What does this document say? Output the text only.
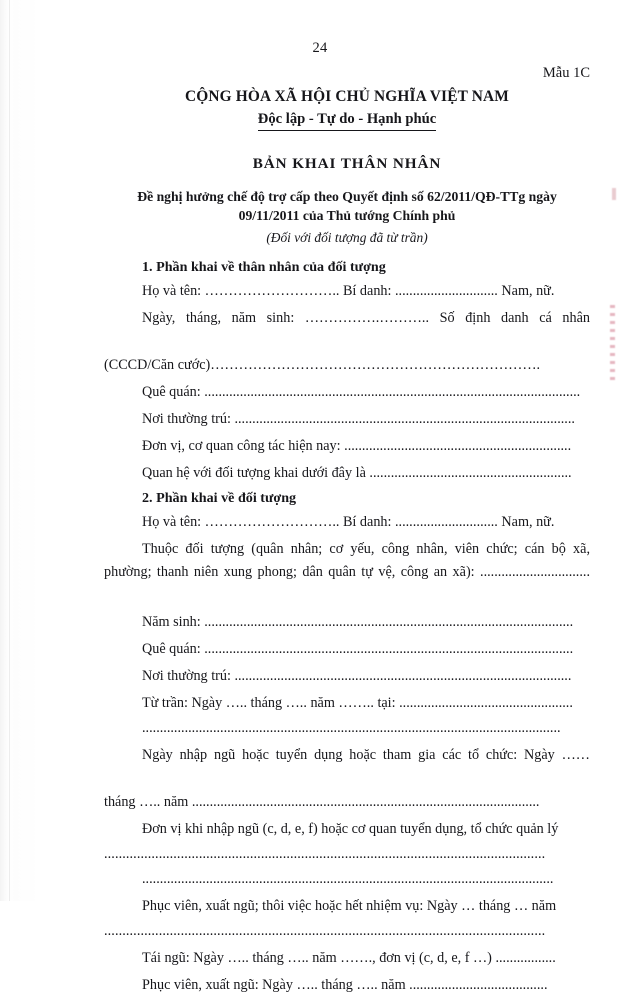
24
Mẫu 1C
CỘNG HÒA XÃ HỘI CHỦ NGHĨA VIỆT NAM
Độc lập - Tự do - Hạnh phúc
BẢN KHAI THÂN NHÂN
Đề nghị hưởng chế độ trợ cấp theo Quyết định số 62/2011/QĐ-TTg ngày
09/11/2011 của Thủ tướng Chính phủ
(Đối với đối tượng đã từ trần)
1. Phần khai về thân nhân của đối tượng
Họ và tên: ……………………….. Bí danh: ............................. Nam, nữ.
Ngày, tháng, năm sinh: …………….……….. Số định danh cá nhân
(CCCD/Căn cước)…………………………………………………………….
Quê quán: ..........................................................................................................
Nơi thường trú: ................................................................................................
Đơn vị, cơ quan công tác hiện nay: ................................................................
Quan hệ với đối tượng khai dưới đây là .........................................................
2. Phần khai về đối tượng
Họ và tên: ……………………….. Bí danh: ............................. Nam, nữ.
Thuộc đối tượng (quân nhân; cơ yếu, công nhân, viên chức; cán bộ xã, phường; thanh niên xung phong; dân quân tự vệ, công an xã): ...............................
Năm sinh: ........................................................................................................
Quê quán: ........................................................................................................
Nơi thường trú: ...............................................................................................
Từ trần: Ngày ….. tháng ….. năm …….. tại: .................................................
......................................................................................................................
Ngày nhập ngũ hoặc tuyển dụng hoặc tham gia các tổ chức: Ngày ……
tháng ….. năm ..................................................................................................
Đơn vị khi nhập ngũ (c, d, e, f) hoặc cơ quan tuyển dụng, tổ chức quản lý
.........................................................................................................................
....................................................................................................................
Phục viên, xuất ngũ; thôi việc hoặc hết nhiệm vụ: Ngày … tháng … năm
.........................................................................................................................
Tái ngũ: Ngày ….. tháng ….. năm ……., đơn vị (c, d, e, f …) .................
Phục viên, xuất ngũ: Ngày ….. tháng ….. năm .......................................
